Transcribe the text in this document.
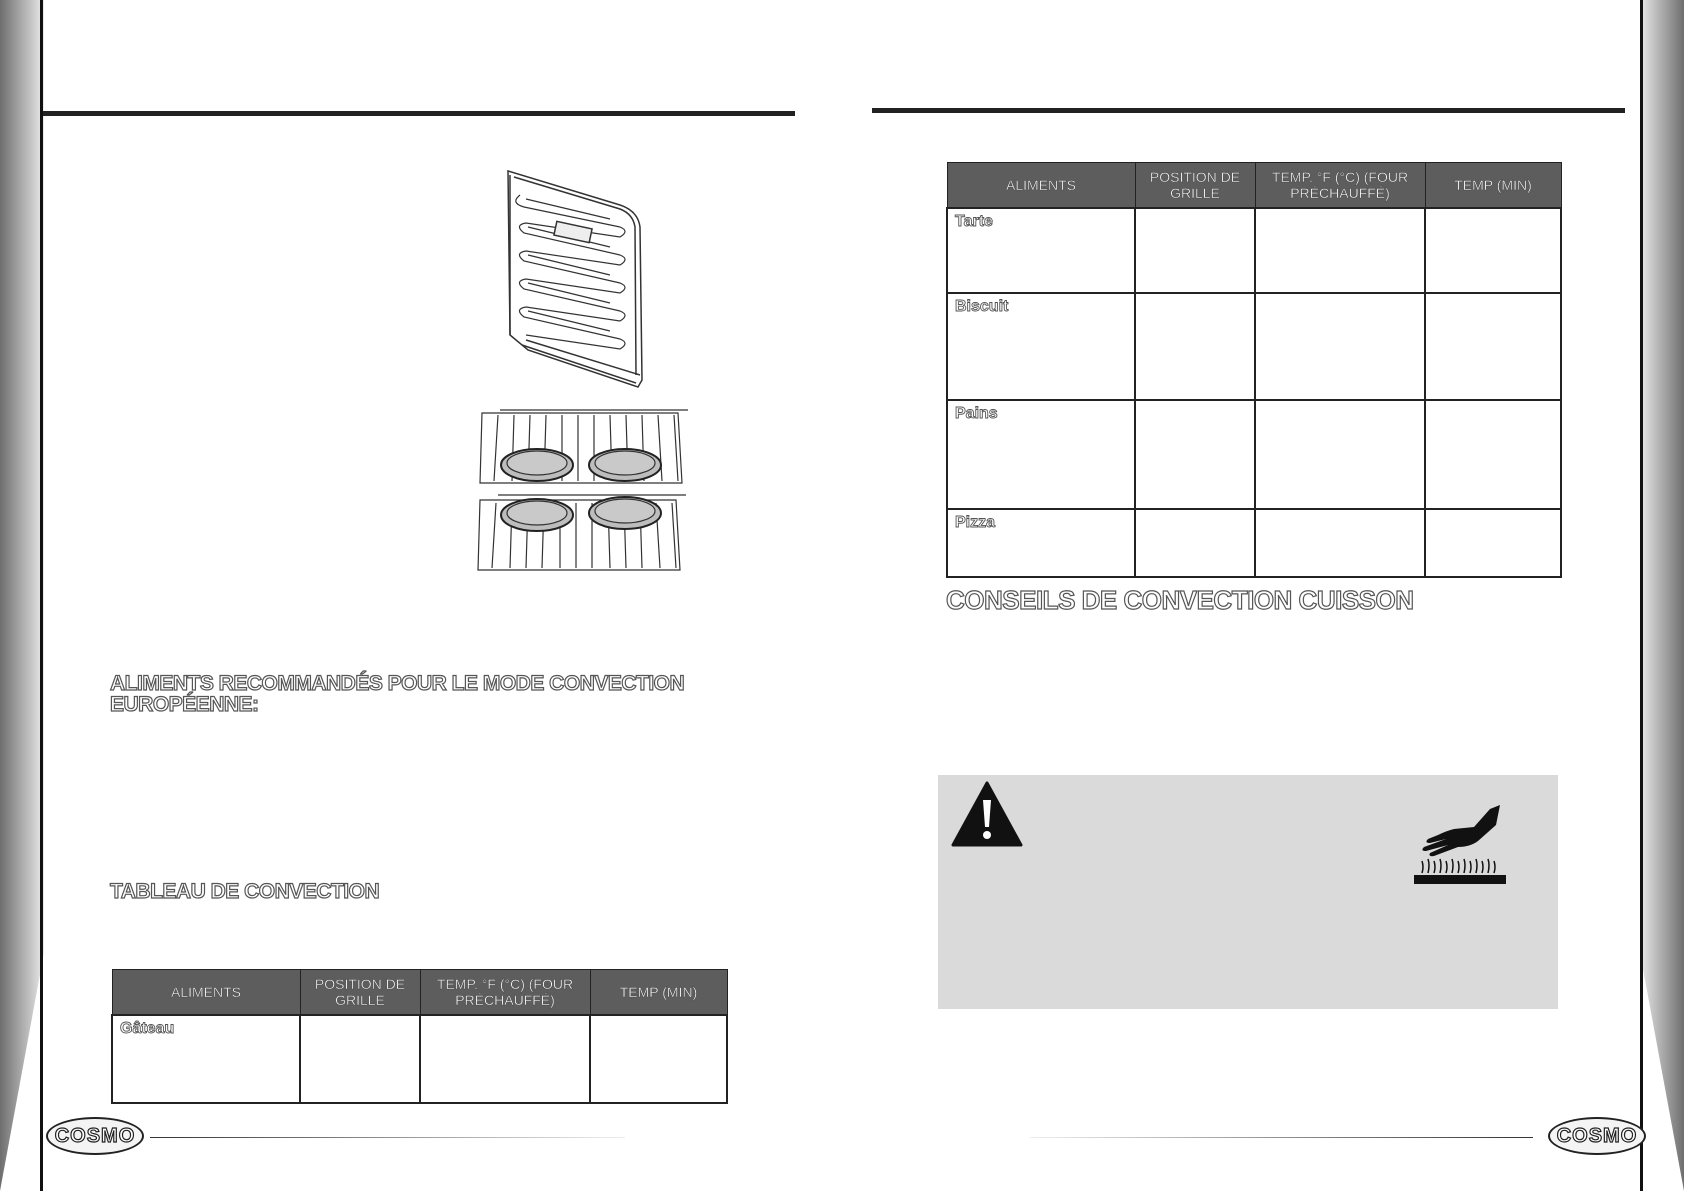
ALIMENTS RECOMMANDÉS POUR LE MODE CONVECTION EUROPÉENNE:
TABLEAU DE CONVECTION
ALIMENTS	POSITION DE GRILLE	TEMP. °F (°C) (FOUR PRÉCHAUFFÉ)	TEMP (MIN)
Gâteau			
ALIMENTS	POSITION DE GRILLE	TEMP. °F (°C) (FOUR PRÉCHAUFFÉ)	TEMP (MIN)
Tarte			
Biscuit			
Pains			
Pizza			
CONSEILS DE CONVECTION CUISSON
COSMO	COSMO
